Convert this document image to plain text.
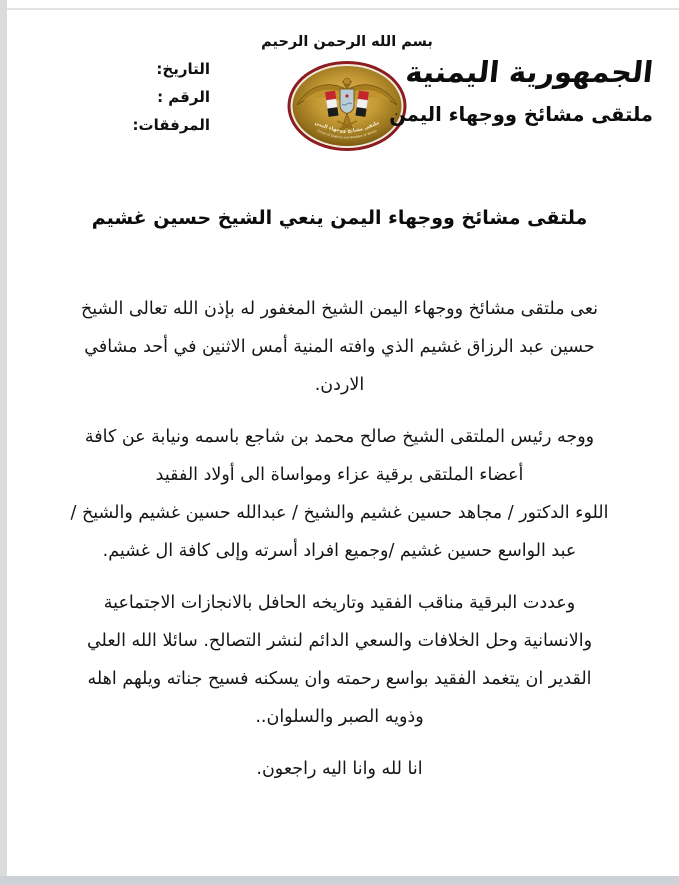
بسم الله الرحمن الرحيم
ملتقى مشائخ ووجهاء اليمن
Forum of Sheikhs and Notables of Yemen
التاريخ:
الرقم :
المرفقات:
الجمهورية اليمنية
ملتقى مشائخ ووجهاء اليمن
ملتقى مشائخ ووجهاء اليمن ينعي الشيخ حسين غشيم
نعى ملتقى مشائخ ووجهاء اليمن الشيخ المغفور له بإذن الله تعالى الشيخ
حسين عبد الرزاق غشيم الذي وافته المنية أمس الاثنين في أحد مشافي
الاردن.
ووجه رئيس الملتقى الشيخ صالح محمد بن شاجع باسمه ونيابة عن كافة
أعضاء الملتقى برقية عزاء ومواساة الى أولاد الفقيد
اللوء الدكتور / مجاهد حسين غشيم والشيخ / عبدالله حسين غشيم والشيخ /
عبد الواسع حسين غشيم /وجميع افراد أسرته وإلى كافة ال غشيم.
وعددت البرقية مناقب الفقيد وتاريخه الحافل بالانجازات الاجتماعية
والانسانية وحل الخلافات والسعي الدائم لنشر التصالح. سائلا الله العلي
القدير ان يتغمد الفقيد بواسع رحمته وان يسكنه فسيح جناته ويلهم اهله
وذويه الصبر والسلوان..
انا لله وانا اليه راجعون.
